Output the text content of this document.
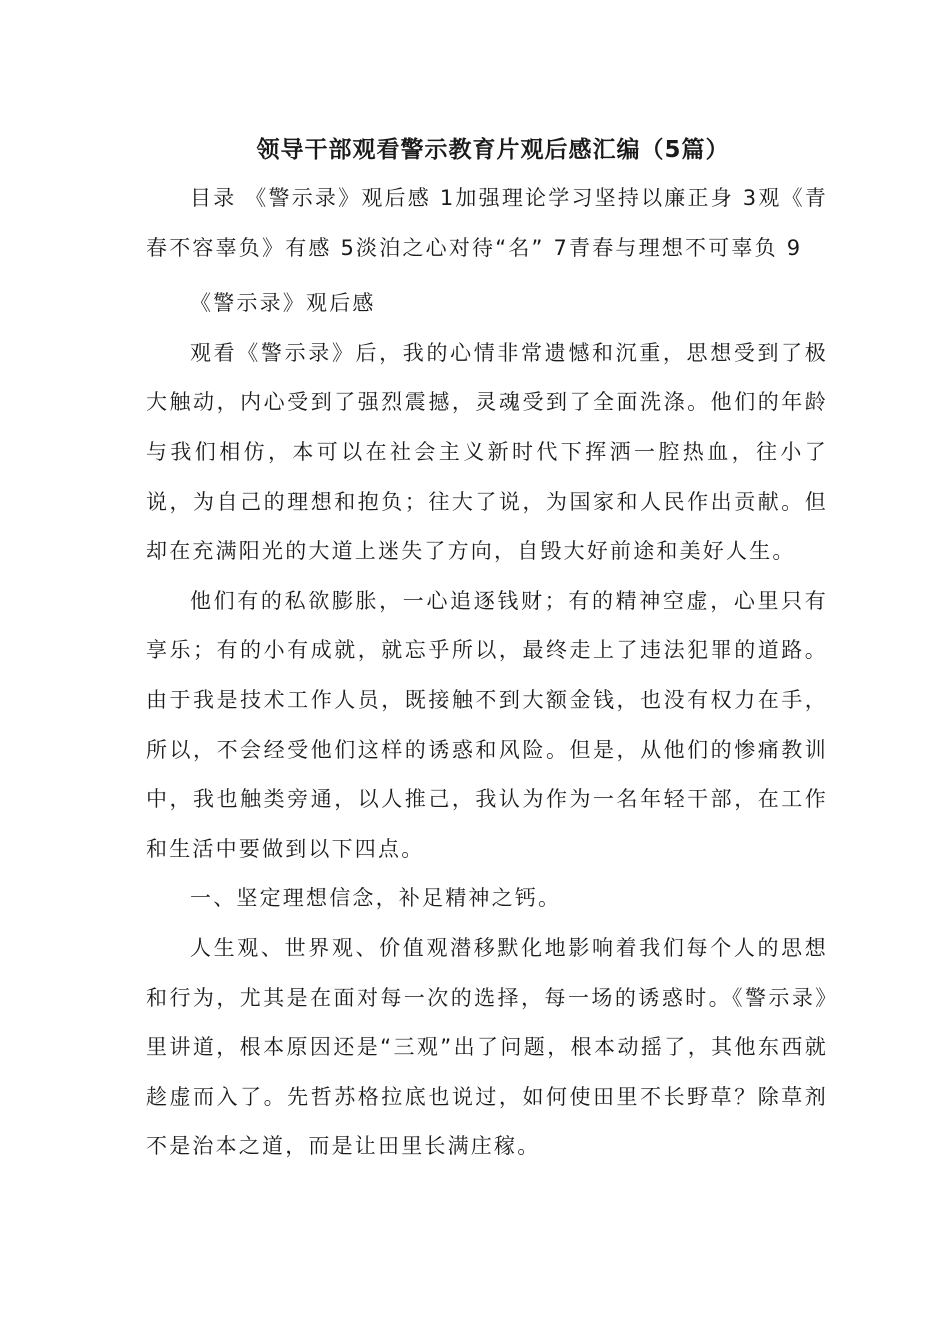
领导干部观看警示教育片观后感汇编（5篇）

目录 《警示录》观后感 1加强理论学习坚持以廉正身 3观《青春不容辜负》有感 5淡泊之心对待“名” 7青春与理想不可辜负 9

《警示录》观后感

观看《警示录》后，我的心情非常遗憾和沉重，思想受到了极大触动，内心受到了强烈震撼，灵魂受到了全面洗涤。他们的年龄与我们相仿，本可以在社会主义新时代下挥洒一腔热血，往小了说，为自己的理想和抱负；往大了说，为国家和人民作出贡献。但却在充满阳光的大道上迷失了方向，自毁大好前途和美好人生。

他们有的私欲膨胀，一心追逐钱财；有的精神空虚，心里只有享乐；有的小有成就，就忘乎所以，最终走上了违法犯罪的道路。由于我是技术工作人员，既接触不到大额金钱，也没有权力在手，所以，不会经受他们这样的诱惑和风险。但是，从他们的惨痛教训中，我也触类旁通，以人推己，我认为作为一名年轻干部，在工作和生活中要做到以下四点。

一、坚定理想信念，补足精神之钙。

人生观、世界观、价值观潜移默化地影响着我们每个人的思想和行为，尤其是在面对每一次的选择，每一场的诱惑时。《警示录》里讲道，根本原因还是“三观”出了问题，根本动摇了，其他东西就趁虚而入了。先哲苏格拉底也说过，如何使田里不长野草？除草剂不是治本之道，而是让田里长满庄稼。
